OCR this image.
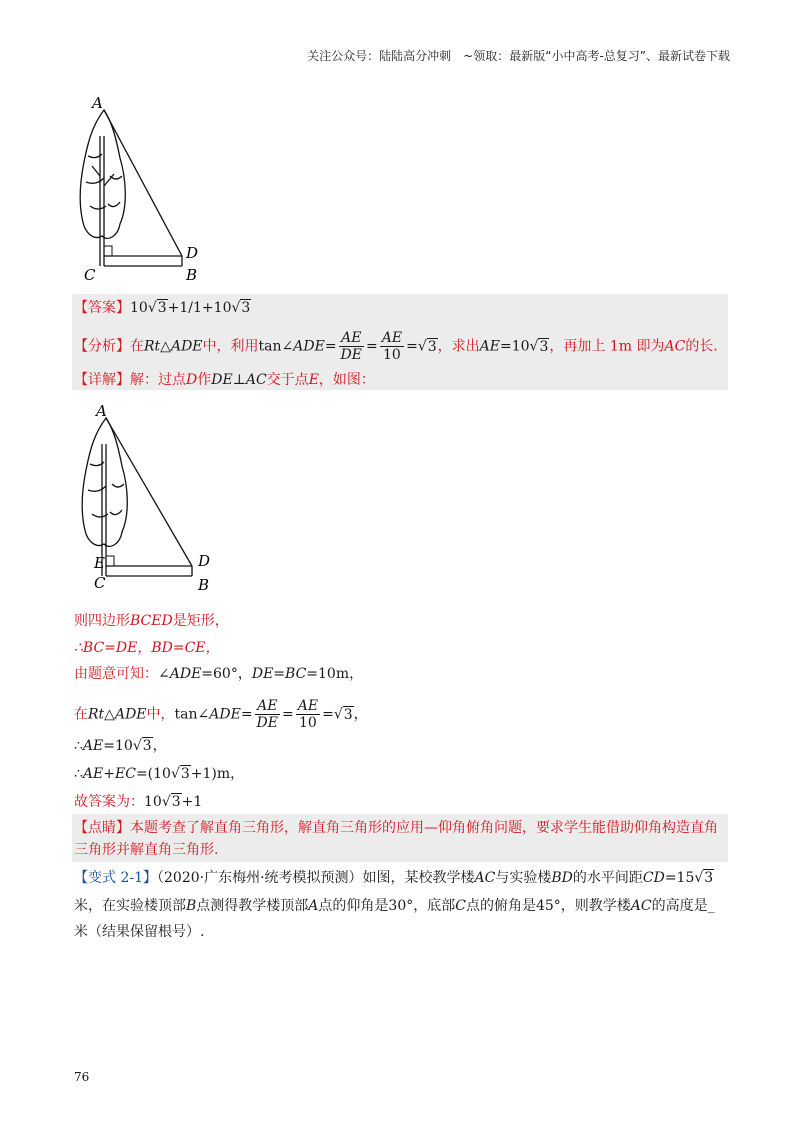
关注公众号：陆陆高分冲刺　~领取：最新版“小中高考-总复习”、最新试卷下载
A
D
C	B
【答案】10√3+1/1+10√3
【分析】在Rt△ADE中，利用tan∠ADE= $\frac{AE}{DE} = \frac{AE}{10} =√3$，求出AE=10√3，再加上 1m 即为AC的长.
【详解】解：过点D作DE⊥AC交于点E，如图：
A
E	D
C	B
则四边形BCED是矩形，
∴BC=DE，BD=CE，
由题意可知：∠ADE=60°，DE=BC=10m，
在Rt△ADE中，tan∠ADE= $\frac{AE}{DE} = \frac{AE}{10} =√3$，
∴AE=10√3，
∴AE+EC=(10√3+1)m，
故答案为：10√3+1
【点睛】本题考查了解直角三角形，解直角三角形的应用—仰角俯角问题，要求学生能借助仰角构造直角
三角形并解直角三角形.
【变式 2-1】（2020·广东梅州·统考模拟预测）如图，某校教学楼AC与实验楼BD的水平间距CD=15√3
米，在实验楼顶部B点测得教学楼顶部A点的仰角是30°，底部C点的俯角是45°，则教学楼AC的高度是_
米（结果保留根号）.
76
